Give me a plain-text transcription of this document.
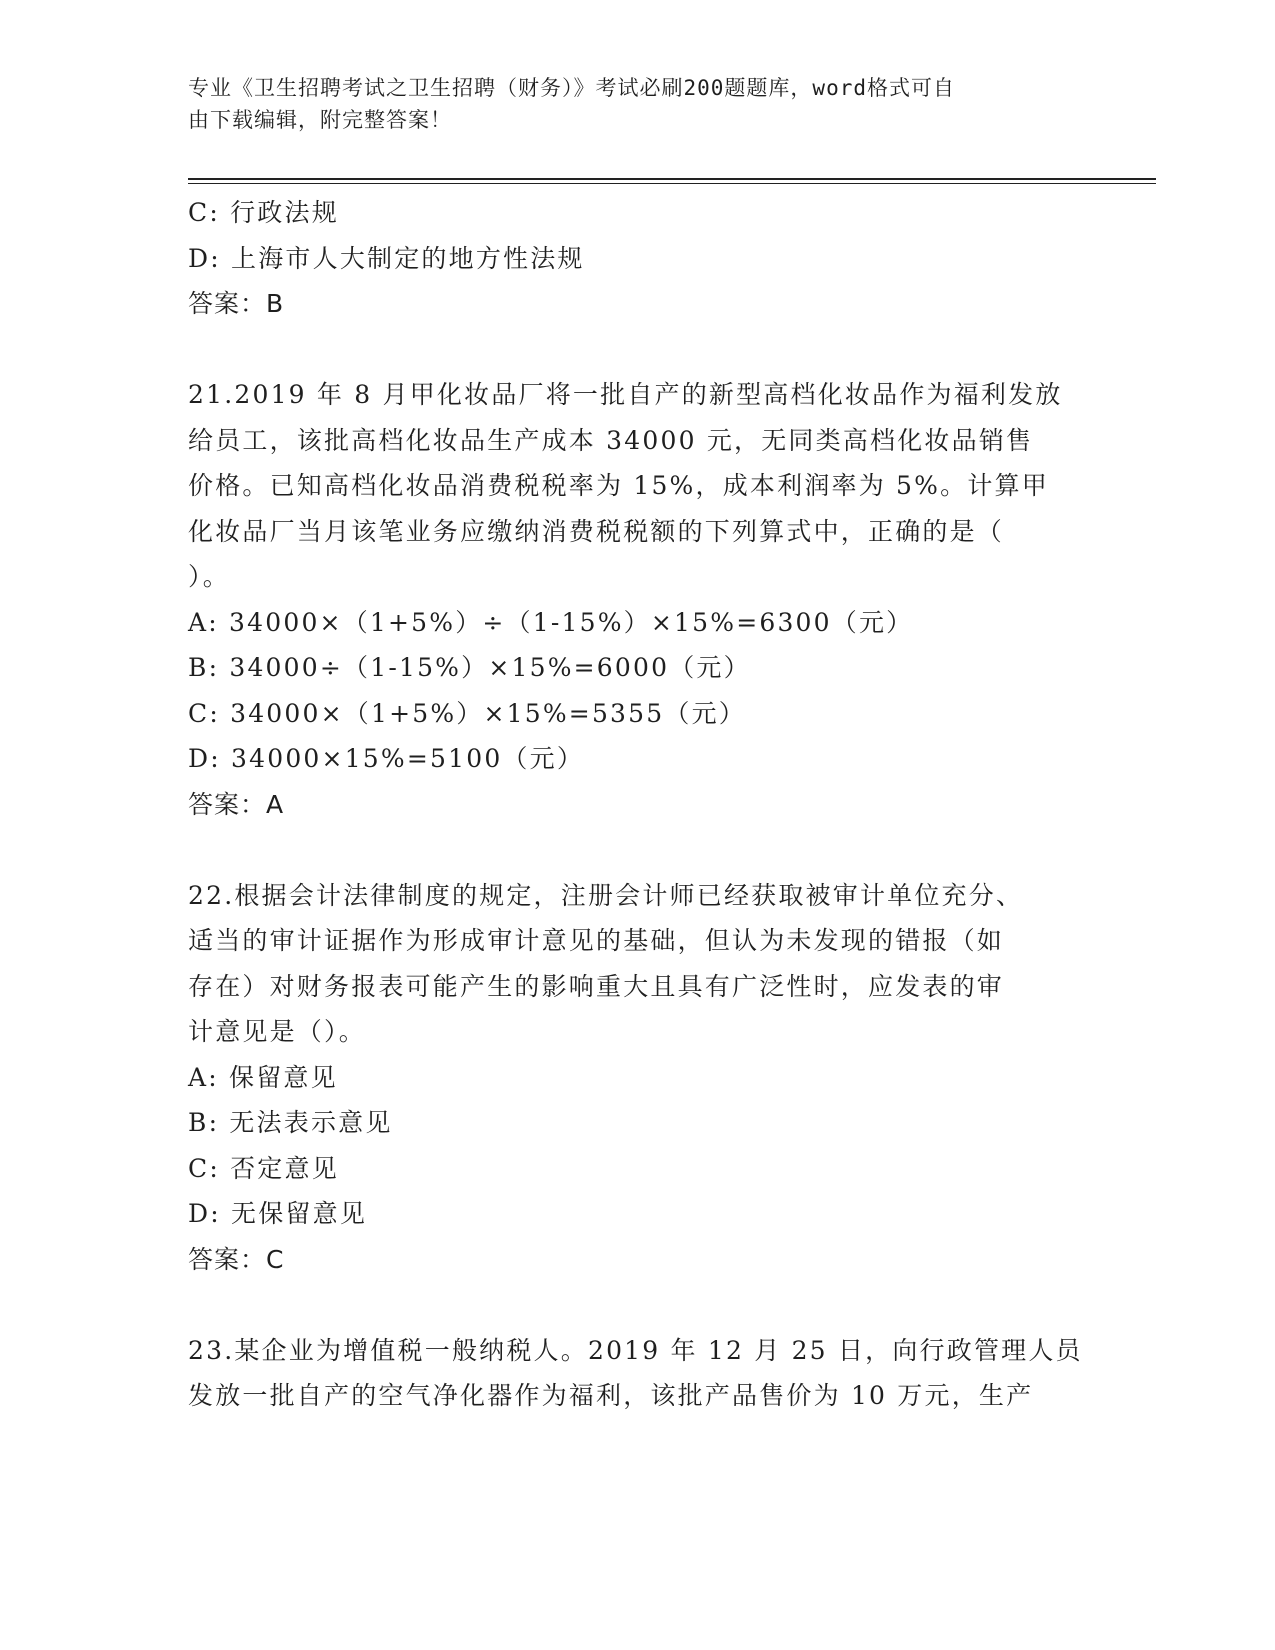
专业《卫生招聘考试之卫生招聘（财务）》考试必刷200题题库，word格式可自
由下载编辑，附完整答案！
C: 行政法规
D: 上海市人大制定的地方性法规
答案：B
21.2019 年 8 月甲化妆品厂将一批自产的新型高档化妆品作为福利发放
给员工，该批高档化妆品生产成本 34000 元，无同类高档化妆品销售
价格。已知高档化妆品消费税税率为 15%，成本利润率为 5%。计算甲
化妆品厂当月该笔业务应缴纳消费税税额的下列算式中，正确的是（
）。
A: 34000×（1+5%）÷（1-15%）×15%=6300（元）
B: 34000÷（1-15%）×15%=6000（元）
C: 34000×（1+5%）×15%=5355（元）
D: 34000×15%=5100（元）
答案：A
22.根据会计法律制度的规定，注册会计师已经获取被审计单位充分、
适当的审计证据作为形成审计意见的基础，但认为未发现的错报（如
存在）对财务报表可能产生的影响重大且具有广泛性时，应发表的审
计意见是（）。
A: 保留意见
B: 无法表示意见
C: 否定意见
D: 无保留意见
答案：C
23.某企业为增值税一般纳税人。2019 年 12 月 25 日，向行政管理人员
发放一批自产的空气净化器作为福利，该批产品售价为 10 万元，生产
